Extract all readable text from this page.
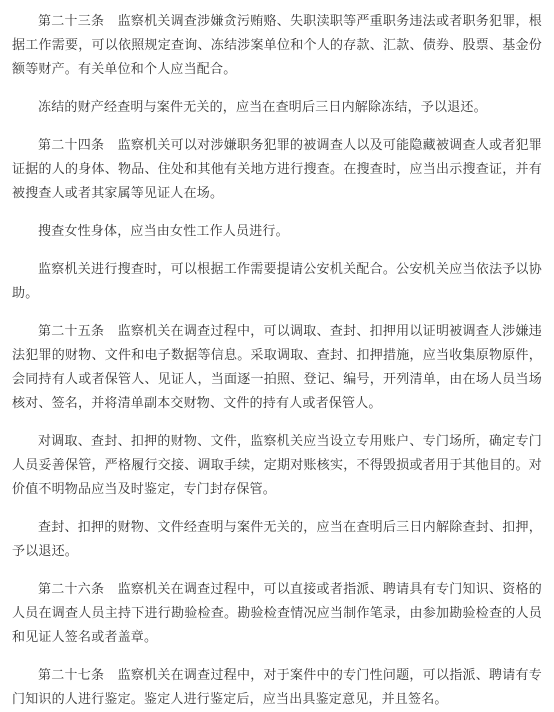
第二十三条　监察机关调查涉嫌贪污贿赂、失职渎职等严重职务违法或者职务犯罪，根据工作需要，可以依照规定查询、冻结涉案单位和个人的存款、汇款、债券、股票、基金份额等财产。有关单位和个人应当配合。

冻结的财产经查明与案件无关的，应当在查明后三日内解除冻结，予以退还。

第二十四条　监察机关可以对涉嫌职务犯罪的被调查人以及可能隐藏被调查人或者犯罪证据的人的身体、物品、住处和其他有关地方进行搜查。在搜查时，应当出示搜查证，并有被搜查人或者其家属等见证人在场。

搜查女性身体，应当由女性工作人员进行。

监察机关进行搜查时，可以根据工作需要提请公安机关配合。公安机关应当依法予以协助。

第二十五条　监察机关在调查过程中，可以调取、查封、扣押用以证明被调查人涉嫌违法犯罪的财物、文件和电子数据等信息。采取调取、查封、扣押措施，应当收集原物原件，会同持有人或者保管人、见证人，当面逐一拍照、登记、编号，开列清单，由在场人员当场核对、签名，并将清单副本交财物、文件的持有人或者保管人。

对调取、查封、扣押的财物、文件，监察机关应当设立专用账户、专门场所，确定专门人员妥善保管，严格履行交接、调取手续，定期对账核实，不得毁损或者用于其他目的。对价值不明物品应当及时鉴定，专门封存保管。

查封、扣押的财物、文件经查明与案件无关的，应当在查明后三日内解除查封、扣押，予以退还。

第二十六条　监察机关在调查过程中，可以直接或者指派、聘请具有专门知识、资格的人员在调查人员主持下进行勘验检查。勘验检查情况应当制作笔录，由参加勘验检查的人员和见证人签名或者盖章。

第二十七条　监察机关在调查过程中，对于案件中的专门性问题，可以指派、聘请有专门知识的人进行鉴定。鉴定人进行鉴定后，应当出具鉴定意见，并且签名。
